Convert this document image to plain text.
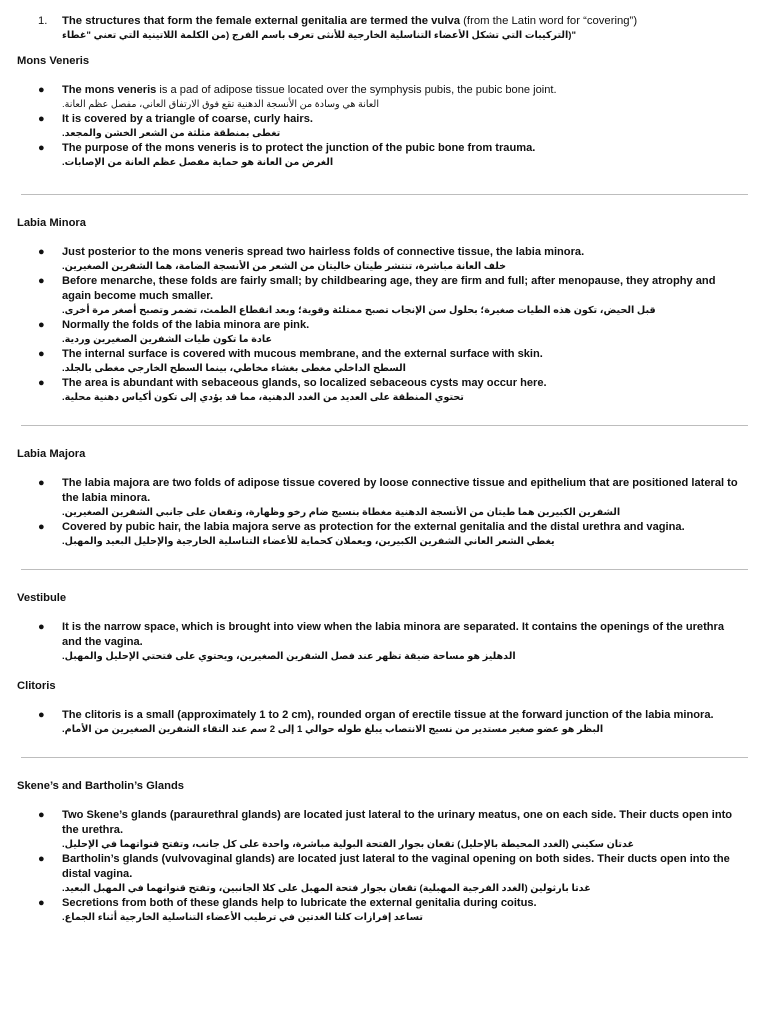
1.	The structures that form the female external genitalia are termed the vulva (from the Latin word for “covering”)
"(التركيبات التي تشكل الأعضاء التناسلية الخارجية للأنثى تعرف باسم الفرج (من الكلمة اللاتينية التي تعني "غطاء
Mons Veneris
● The mons veneris is a pad of adipose tissue located over the symphysis pubis, the pubic bone joint.
العانة هي وسادة من الأنسجة الدهنية تقع فوق الارتفاق العاني، مفصل عظم العانة.
● It is covered by a triangle of coarse, curly hairs.
تغطى بمنطقة مثلثة من الشعر الخشن والمجعد.
● The purpose of the mons veneris is to protect the junction of the pubic bone from trauma.
الغرض من العانة هو حماية مفصل عظم العانة من الإصابات.
Labia Minora
● Just posterior to the mons veneris spread two hairless folds of connective tissue, the labia minora.
خلف العانة مباشرة، تنتشر طيتان خاليتان من الشعر من الأنسجة الضامة، هما الشفرين الصغيرين.
● Before menarche, these folds are fairly small; by childbearing age, they are firm and full; after menopause, they atrophy and again become much smaller.
قبل الحيض، تكون هذه الطيات صغيرة؛ بحلول سن الإنجاب تصبح ممتلئة وقوية؛ وبعد انقطاع الطمث، تضمر وتصبح أصغر مرة أخرى.
● Normally the folds of the labia minora are pink.
عادة ما تكون طيات الشفرين الصغيرين وردية.
● The internal surface is covered with mucous membrane, and the external surface with skin.
السطح الداخلي مغطى بغشاء مخاطي، بينما السطح الخارجي مغطى بالجلد.
● The area is abundant with sebaceous glands, so localized sebaceous cysts may occur here.
تحتوي المنطقة على العديد من الغدد الدهنية، مما قد يؤدي إلى تكون أكياس دهنية محلية.
Labia Majora
● The labia majora are two folds of adipose tissue covered by loose connective tissue and epithelium that are positioned lateral to the labia minora.
الشفرين الكبيرين هما طيتان من الأنسجة الدهنية مغطاة بنسيج ضام رخو وظهارة، وتقعان على جانبي الشفرين الصغيرين.
● Covered by pubic hair, the labia majora serve as protection for the external genitalia and the distal urethra and vagina.
يغطي الشعر العاني الشفرين الكبيرين، ويعملان كحماية للأعضاء التناسلية الخارجية والإحليل البعيد والمهبل.
Vestibule
● It is the narrow space, which is brought into view when the labia minora are separated. It contains the openings of the urethra and the vagina.
الدهليز هو مساحة ضيقة تظهر عند فصل الشفرين الصغيرين، ويحتوي على فتحتي الإحليل والمهبل.
Clitoris
● The clitoris is a small (approximately 1 to 2 cm), rounded organ of erectile tissue at the forward junction of the labia minora.
البظر هو عضو صغير مستدير من نسيج الانتصاب يبلغ طوله حوالي 1 إلى 2 سم عند التقاء الشفرين الصغيرين من الأمام.
Skene’s and Bartholin’s Glands
● Two Skene’s glands (paraurethral glands) are located just lateral to the urinary meatus, one on each side. Their ducts open into the urethra.
غدتان سكيني (الغدد المحيطة بالإحليل) تقعان بجوار الفتحة البولية مباشرة، واحدة على كل جانب، وتفتح قنواتهما في الإحليل.
● Bartholin’s glands (vulvovaginal glands) are located just lateral to the vaginal opening on both sides. Their ducts open into the distal vagina.
غدتا بارثولين (الغدد الفرجية المهبلية) تقعان بجوار فتحة المهبل على كلا الجانبين، وتفتح قنواتهما في المهبل البعيد.
● Secretions from both of these glands help to lubricate the external genitalia during coitus.
تساعد إفرازات كلتا الغدتين في ترطيب الأعضاء التناسلية الخارجية أثناء الجماع.
